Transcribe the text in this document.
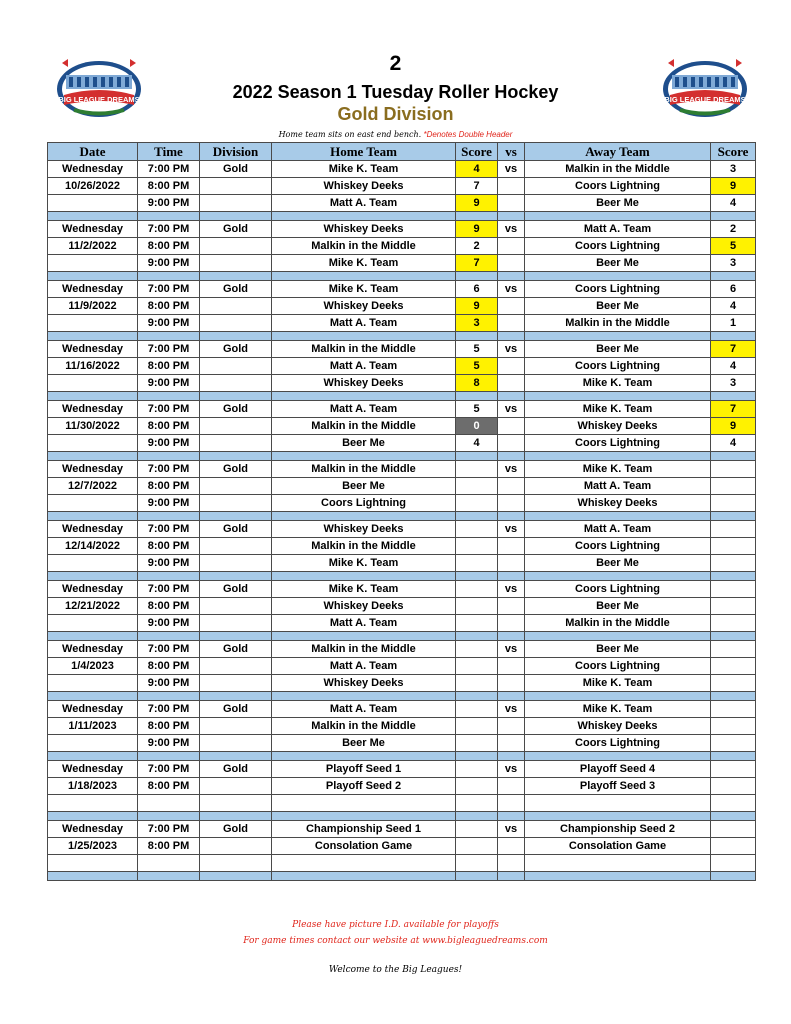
BIG LEAGUE DREAMS	BIG LEAGUE DREAMS
2
2022 Season 1 Tuesday Roller Hockey
Gold Division
Home team sits on east end bench. *Denotes Double Header
Date	Time	Division	Home Team	Score	vs	Away Team	Score
Wednesday	7:00 PM	Gold	Mike K. Team	4	vs	Malkin in the Middle	3
10/26/2022	8:00 PM		Whiskey Deeks	7		Coors Lightning	9
	9:00 PM		Matt A. Team	9		Beer Me	4

Wednesday	7:00 PM	Gold	Whiskey Deeks	9	vs	Matt A. Team	2
11/2/2022	8:00 PM		Malkin in the Middle	2		Coors Lightning	5
	9:00 PM		Mike K. Team	7		Beer Me	3

Wednesday	7:00 PM	Gold	Mike K. Team	6	vs	Coors Lightning	6
11/9/2022	8:00 PM		Whiskey Deeks	9		Beer Me	4
	9:00 PM		Matt A. Team	3		Malkin in the Middle	1

Wednesday	7:00 PM	Gold	Malkin in the Middle	5	vs	Beer Me	7
11/16/2022	8:00 PM		Matt A. Team	5		Coors Lightning	4
	9:00 PM		Whiskey Deeks	8		Mike K. Team	3

Wednesday	7:00 PM	Gold	Matt A. Team	5	vs	Mike K. Team	7
11/30/2022	8:00 PM		Malkin in the Middle	0		Whiskey Deeks	9
	9:00 PM		Beer Me	4		Coors Lightning	4

Wednesday	7:00 PM	Gold	Malkin in the Middle		vs	Mike K. Team	
12/7/2022	8:00 PM		Beer Me			Matt A. Team	
	9:00 PM		Coors Lightning			Whiskey Deeks	

Wednesday	7:00 PM	Gold	Whiskey Deeks		vs	Matt A. Team	
12/14/2022	8:00 PM		Malkin in the Middle			Coors Lightning	
	9:00 PM		Mike K. Team			Beer Me	

Wednesday	7:00 PM	Gold	Mike K. Team		vs	Coors Lightning	
12/21/2022	8:00 PM		Whiskey Deeks			Beer Me	
	9:00 PM		Matt A. Team			Malkin in the Middle	

Wednesday	7:00 PM	Gold	Malkin in the Middle		vs	Beer Me	
1/4/2023	8:00 PM		Matt A. Team			Coors Lightning	
	9:00 PM		Whiskey Deeks			Mike K. Team	

Wednesday	7:00 PM	Gold	Matt A. Team		vs	Mike K. Team	
1/11/2023	8:00 PM		Malkin in the Middle			Whiskey Deeks	
	9:00 PM		Beer Me			Coors Lightning	

Wednesday	7:00 PM	Gold	Playoff Seed 1		vs	Playoff Seed 4	
1/18/2023	8:00 PM		Playoff Seed 2			Playoff Seed 3	

Wednesday	7:00 PM	Gold	Championship Seed 1		vs	Championship Seed 2	
1/25/2023	8:00 PM		Consolation Game			Consolation Game	

Please have picture I.D. available for playoffs
For game times contact our website at www.bigleaguedreams.com
Welcome to the Big Leagues!
